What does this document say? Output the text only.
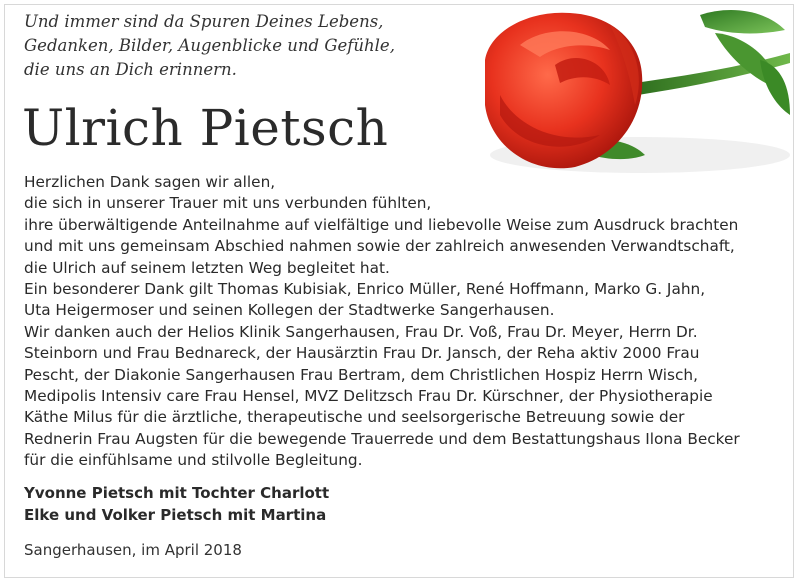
Und immer sind da Spuren Deines Lebens,
Gedanken, Bilder, Augenblicke und Gefühle,
die uns an Dich erinnern.
Ulrich Pietsch
Herzlichen Dank sagen wir allen,
die sich in unserer Trauer mit uns verbunden fühlten,
ihre überwältigende Anteilnahme auf vielfältige und liebevolle Weise zum Ausdruck brachten
und mit uns gemeinsam Abschied nahmen sowie der zahlreich anwesenden Verwandtschaft,
die Ulrich auf seinem letzten Weg begleitet hat.
Ein besonderer Dank gilt Thomas Kubisiak, Enrico Müller, René Hoffmann, Marko G. Jahn,
Uta Heigermoser und seinen Kollegen der Stadtwerke Sangerhausen.
Wir danken auch der Helios Klinik Sangerhausen, Frau Dr. Voß, Frau Dr. Meyer, Herrn Dr.
Steinborn und Frau Bednareck, der Hausärztin Frau Dr. Jansch, der Reha aktiv 2000 Frau
Pescht, der Diakonie Sangerhausen Frau Bertram, dem Christlichen Hospiz Herrn Wisch,
Medipolis Intensiv care Frau Hensel, MVZ Delitzsch Frau Dr. Kürschner, der Physiotherapie
Käthe Milus für die ärztliche, therapeutische und seelsorgerische Betreuung sowie der
Rednerin Frau Augsten für die bewegende Trauerrede und dem Bestattungshaus Ilona Becker
für die einfühlsame und stilvolle Begleitung.
Yvonne Pietsch mit Tochter Charlott
Elke und Volker Pietsch mit Martina
Sangerhausen, im April 2018
